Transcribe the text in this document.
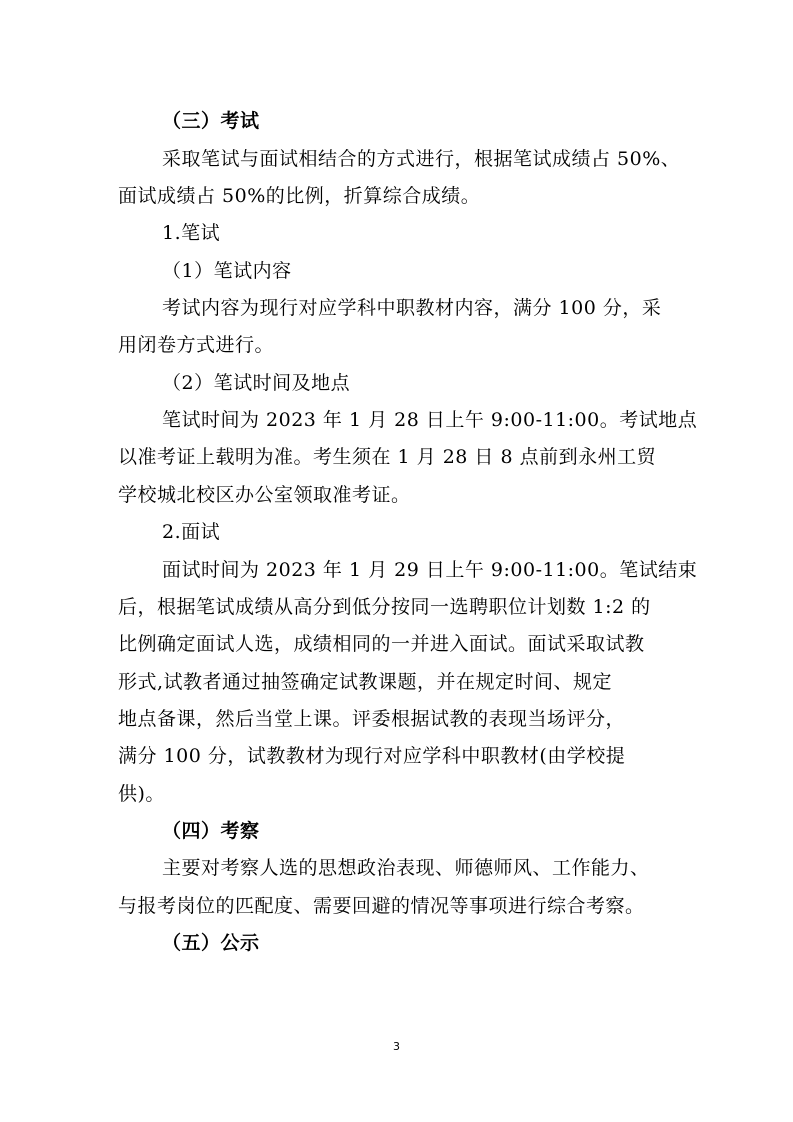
（三）考试
采取笔试与面试相结合的方式进行，根据笔试成绩占 50%、
面试成绩占 50%的比例，折算综合成绩。
1.笔试
（1）笔试内容
考试内容为现行对应学科中职教材内容，满分 100 分，采
用闭卷方式进行。
（2）笔试时间及地点
笔试时间为 2023 年 1 月 28 日上午 9:00-11:00。考试地点
以准考证上载明为准。考生须在 1 月 28 日 8 点前到永州工贸
学校城北校区办公室领取准考证。
2.面试
面试时间为 2023 年 1 月 29 日上午 9:00-11:00。笔试结束
后，根据笔试成绩从高分到低分按同一选聘职位计划数 1:2 的
比例确定面试人选，成绩相同的一并进入面试。面试采取试教
形式,试教者通过抽签确定试教课题，并在规定时间、规定
地点备课，然后当堂上课。评委根据试教的表现当场评分，
满分 100 分，试教教材为现行对应学科中职教材(由学校提
供)。
（四）考察
主要对考察人选的思想政治表现、师德师风、工作能力、
与报考岗位的匹配度、需要回避的情况等事项进行综合考察。
（五）公示
3
